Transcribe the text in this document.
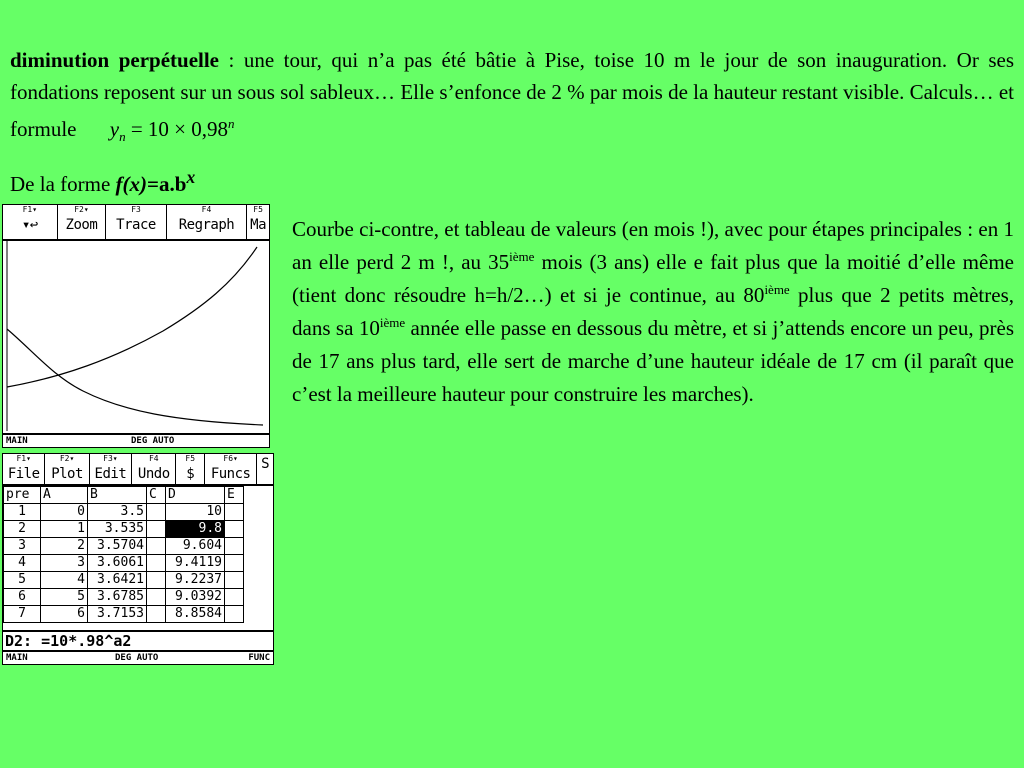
diminution perpétuelle : une tour, qui n’a pas été bâtie à Pise, toise 10 m le jour de son inauguration. Or ses fondations reposent sur un sous sol sableux… Elle s’enfonce de 2 % par mois de la hauteur restant visible. Calculs… et formule $y_n = 10 \times 0,98^n$
De la forme $f(x)=a.b^x$
Courbe ci-contre, et tableau de valeurs (en mois !), avec pour étapes principales : en 1 an elle perd 2 m !, au 35ième mois (3 ans) elle e fait plus que la moitié d’elle même (tient donc résoudre h=h/2…) et si je continue, au 80ième plus que 2 petits mètres, dans sa 10ième année elle passe en dessous du mètre, et si j’attends encore un peu, près de 17 ans plus tard, elle sert de marche d’une hauteur idéale de 17 cm (il paraît que c’est la meilleure hauteur pour construire les marches).
F1▾
▾↩
F2▾
Zoom
F3
Trace
F4
Regraph
F5
Ma
MAIN	DEG AUTO
F1▾
File
F2▾
Plot
F3▾
Edit
F4
Undo
F5
$
F6▾
Funcs
S
pre	A	B	C	D	E
1	0	3.5		10	
2	1	3.535		9.8	
3	2	3.5704		9.604	
4	3	3.6061		9.4119	
5	4	3.6421		9.2237	
6	5	3.6785		9.0392	
7	6	3.7153		8.8584	
D2: =10*.98^a2
MAIN	DEG AUTO	FUNC
